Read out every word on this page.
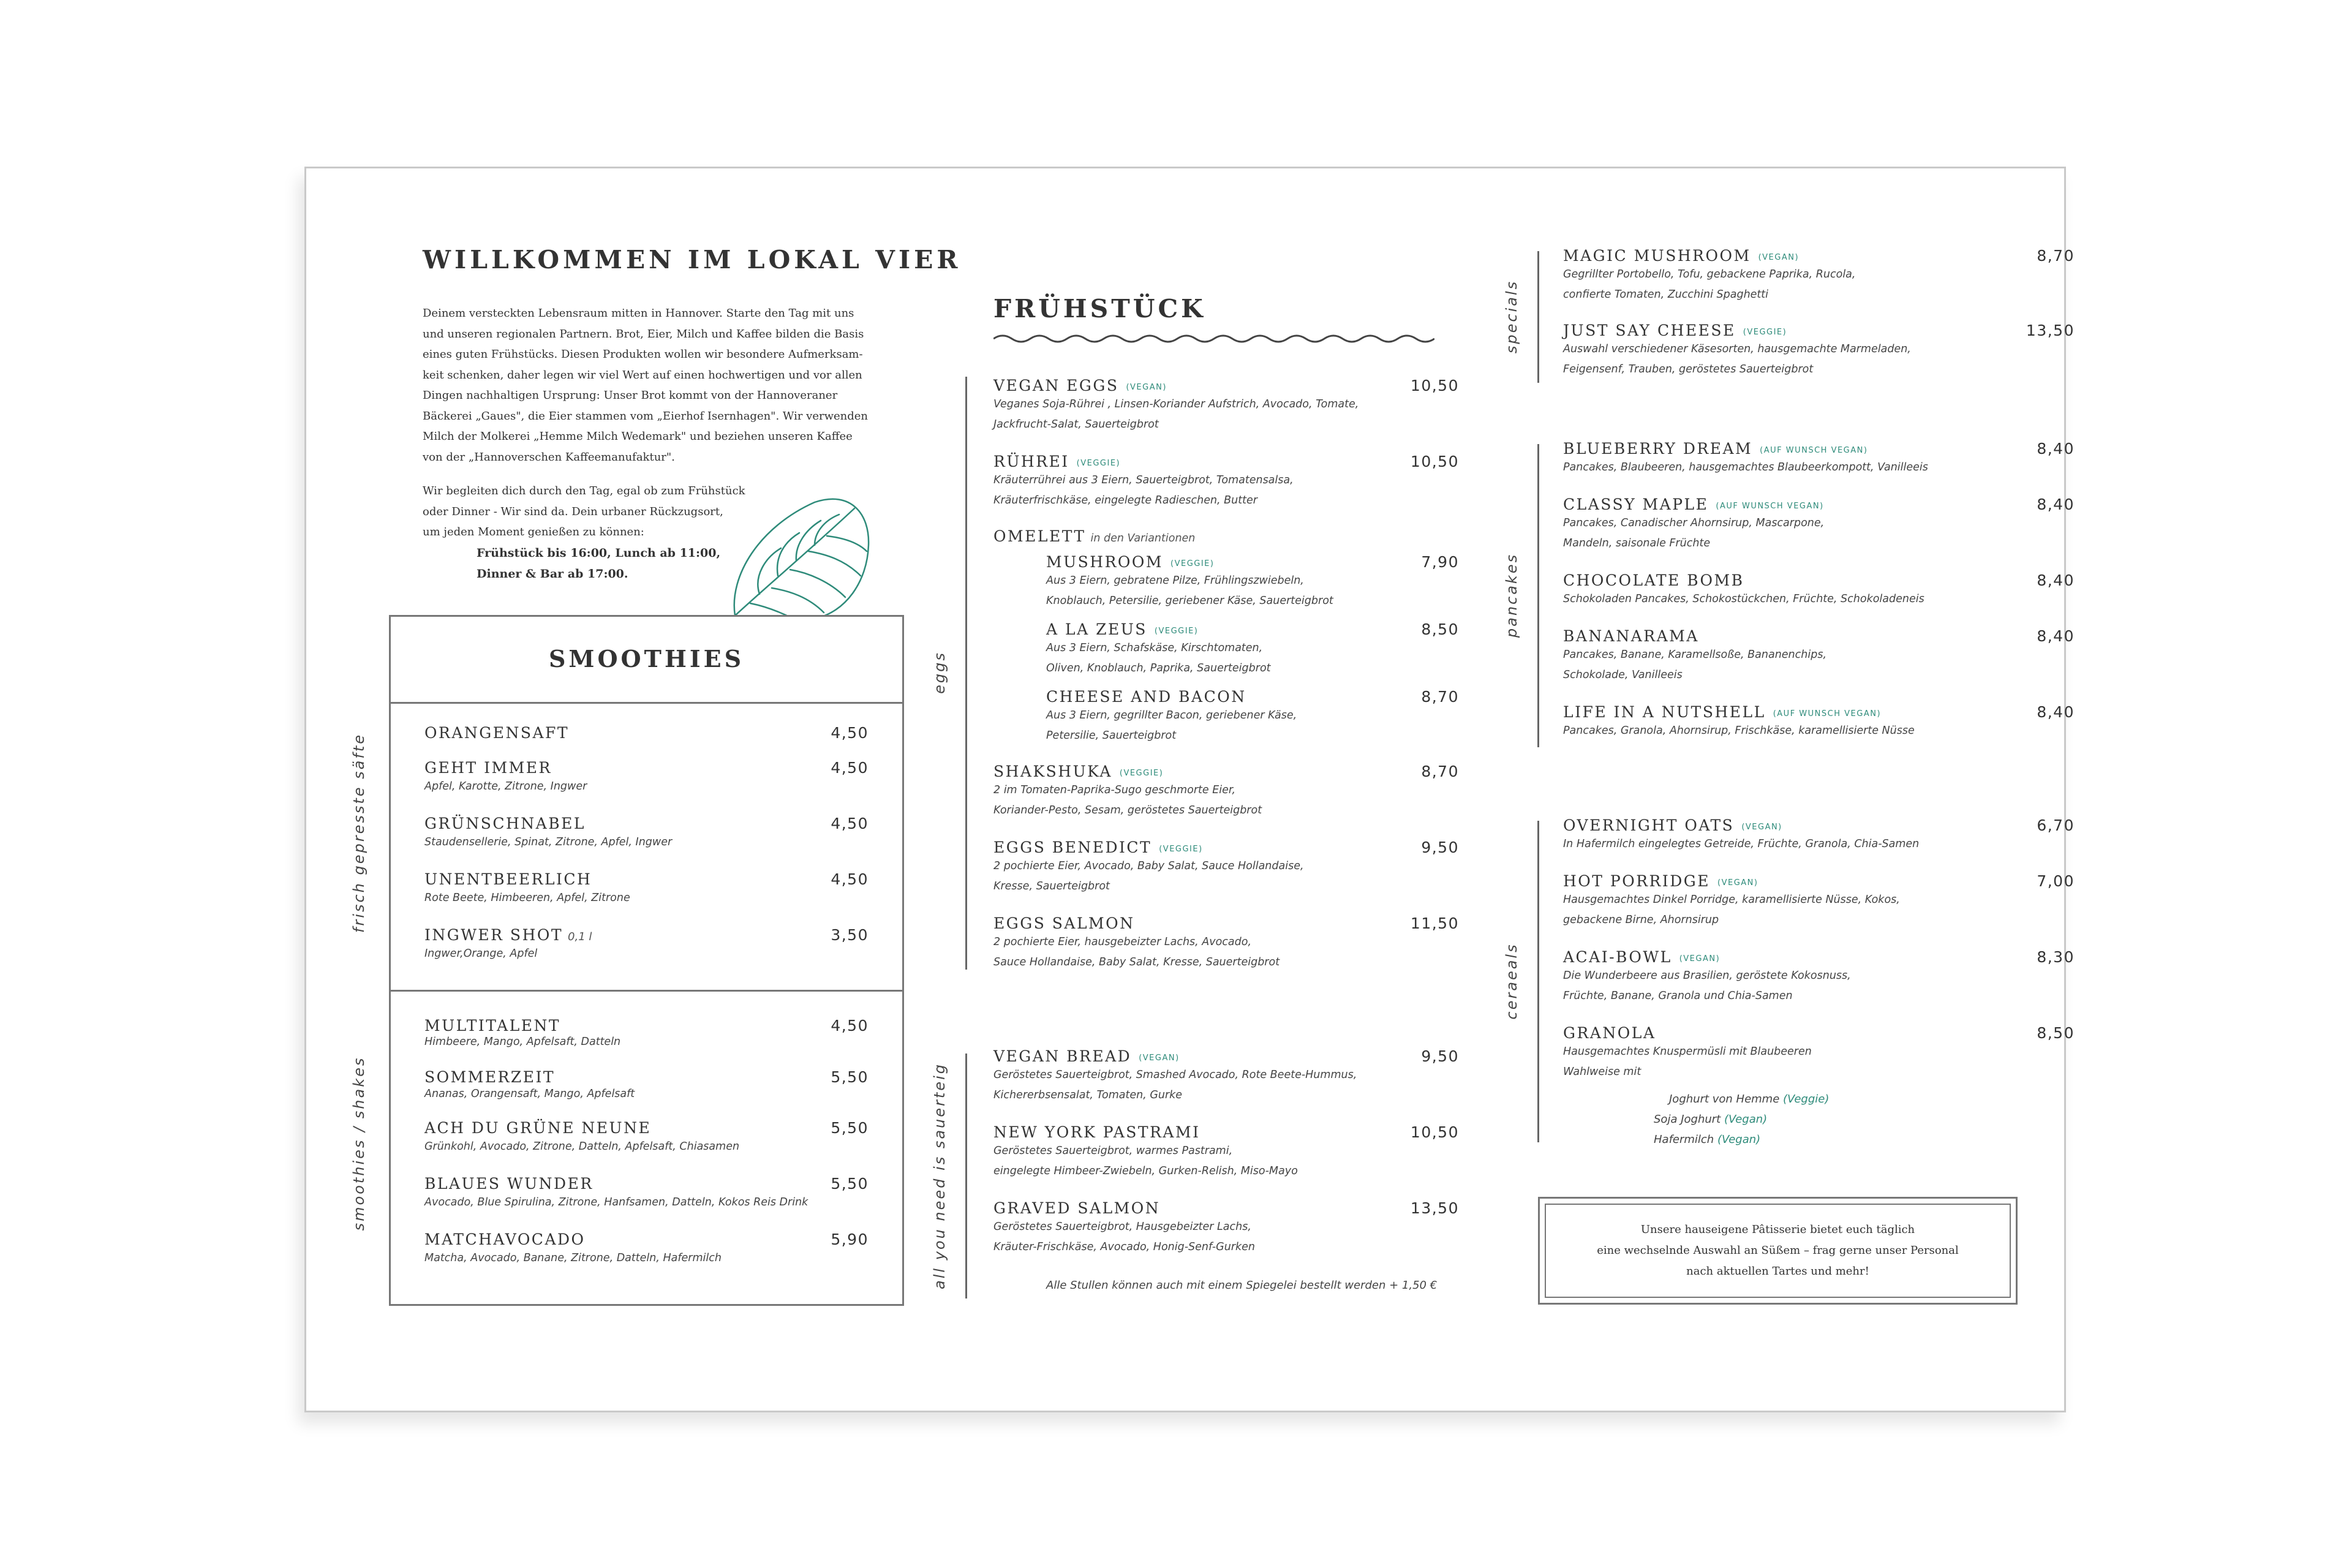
WILLKOMMEN IM LOKAL VIER
Deinem versteckten Lebensraum mitten in Hannover. Starte den Tag mit uns
und unseren regionalen Partnern. Brot, Eier, Milch und Kaffee bilden die Basis
eines guten Frühstücks. Diesen Produkten wollen wir besondere Aufmerksam-
keit schenken, daher legen wir viel Wert auf einen hochwertigen und vor allen
Dingen nachhaltigen Ursprung: Unser Brot kommt von der Hannoveraner
Bäckerei „Gaues", die Eier stammen vom „Eierhof Isernhagen". Wir verwenden
Milch der Molkerei „Hemme Milch Wedemark" und beziehen unseren Kaffee
von der „Hannoverschen Kaffeemanufaktur".
Wir begleiten dich durch den Tag, egal ob zum Frühstück
oder Dinner - Wir sind da. Dein urbaner Rückzugsort,
um jeden Moment genießen zu können:
Frühstück bis 16:00, Lunch ab 11:00,
Dinner & Bar ab 17:00.
SMOOTHIES
ORANGENSAFT	4,50
GEHT IMMER
Apfel, Karotte, Zitrone, Ingwer
4,50
GRÜNSCHNABEL
Staudensellerie, Spinat, Zitrone, Apfel, Ingwer
4,50
UNENTBEERLICH
Rote Beete, Himbeeren, Apfel, Zitrone
4,50
INGWER SHOT 0,1 l
Ingwer,Orange, Apfel
3,50
MULTITALENT
Himbeere, Mango, Apfelsaft, Datteln
4,50
SOMMERZEIT
Ananas, Orangensaft, Mango, Apfelsaft
5,50
ACH DU GRÜNE NEUNE
Grünkohl, Avocado, Zitrone, Datteln, Apfelsaft, Chiasamen
5,50
BLAUES WUNDER
Avocado, Blue Spirulina, Zitrone, Hanfsamen, Datteln, Kokos Reis Drink
5,50
MATCHAVOCADO
Matcha, Avocado, Banane, Zitrone, Datteln, Hafermilch
5,90
frisch gepresste säfte
smoothies / shakes
FRÜHSTÜCK
eggs
all you need is sauerteig
VEGAN EGGS (VEGAN)
Veganes Soja-Rührei , Linsen-Koriander Aufstrich, Avocado, Tomate,
Jackfrucht-Salat, Sauerteigbrot
10,50
RÜHREI (VEGGIE)
Kräuterrührei aus 3 Eiern, Sauerteigbrot, Tomatensalsa,
Kräuterfrischkäse, eingelegte Radieschen, Butter
10,50
OMELETT in den Variantionen
MUSHROOM (VEGGIE)
Aus 3 Eiern, gebratene Pilze, Frühlingszwiebeln,
Knoblauch, Petersilie, geriebener Käse, Sauerteigbrot
7,90
A LA ZEUS (VEGGIE)
Aus 3 Eiern, Schafskäse, Kirschtomaten,
Oliven, Knoblauch, Paprika, Sauerteigbrot
8,50
CHEESE AND BACON
Aus 3 Eiern, gegrillter Bacon, geriebener Käse,
Petersilie, Sauerteigbrot
8,70
SHAKSHUKA (VEGGIE)
2 im Tomaten-Paprika-Sugo geschmorte Eier,
Koriander-Pesto, Sesam, geröstetes Sauerteigbrot
8,70
EGGS BENEDICT (VEGGIE)
2 pochierte Eier, Avocado, Baby Salat, Sauce Hollandaise,
Kresse, Sauerteigbrot
9,50
EGGS SALMON
2 pochierte Eier, hausgebeizter Lachs, Avocado,
Sauce Hollandaise, Baby Salat, Kresse, Sauerteigbrot
11,50
VEGAN BREAD (VEGAN)
Geröstetes Sauerteigbrot, Smashed Avocado, Rote Beete-Hummus,
Kichererbsensalat, Tomaten, Gurke
9,50
NEW YORK PASTRAMI
Geröstetes Sauerteigbrot, warmes Pastrami,
eingelegte Himbeer-Zwiebeln, Gurken-Relish, Miso-Mayo
10,50
GRAVED SALMON
Geröstetes Sauerteigbrot, Hausgebeizter Lachs,
Kräuter-Frischkäse, Avocado, Honig-Senf-Gurken
13,50
Alle Stullen können auch mit einem Spiegelei bestellt werden + 1,50 €
specials
pancakes
ceraeals
MAGIC MUSHROOM (VEGAN)
Gegrillter Portobello, Tofu, gebackene Paprika, Rucola,
confierte Tomaten, Zucchini Spaghetti
8,70
JUST SAY CHEESE (VEGGIE)
Auswahl verschiedener Käsesorten, hausgemachte Marmeladen,
Feigensenf, Trauben, geröstetes Sauerteigbrot
13,50
BLUEBERRY DREAM (AUF WUNSCH VEGAN)
Pancakes, Blaubeeren, hausgemachtes Blaubeerkompott, Vanilleeis
8,40
CLASSY MAPLE (AUF WUNSCH VEGAN)
Pancakes, Canadischer Ahornsirup, Mascarpone,
Mandeln, saisonale Früchte
8,40
CHOCOLATE BOMB
Schokoladen Pancakes, Schokostückchen, Früchte, Schokoladeneis
8,40
BANANARAMA
Pancakes, Banane, Karamellsoße, Bananenchips,
Schokolade, Vanilleeis
8,40
LIFE IN A NUTSHELL (AUF WUNSCH VEGAN)
Pancakes, Granola, Ahornsirup, Frischkäse, karamellisierte Nüsse
8,40
OVERNIGHT OATS (VEGAN)
In Hafermilch eingelegtes Getreide, Früchte, Granola, Chia-Samen
6,70
HOT PORRIDGE (VEGAN)
Hausgemachtes Dinkel Porridge, karamellisierte Nüsse, Kokos,
gebackene Birne, Ahornsirup
7,00
ACAI-BOWL (VEGAN)
Die Wunderbeere aus Brasilien, geröstete Kokosnuss,
Früchte, Banane, Granola und Chia-Samen
8,30
GRANOLA
Hausgemachtes Knuspermüsli mit Blaubeeren
Wahlweise mit
8,50
Joghurt von Hemme (Veggie)
Soja Joghurt (Vegan)
Hafermilch (Vegan)
Unsere hauseigene Pâtisserie bietet euch täglich
eine wechselnde Auswahl an Süßem – frag gerne unser Personal
nach aktuellen Tartes und mehr!
